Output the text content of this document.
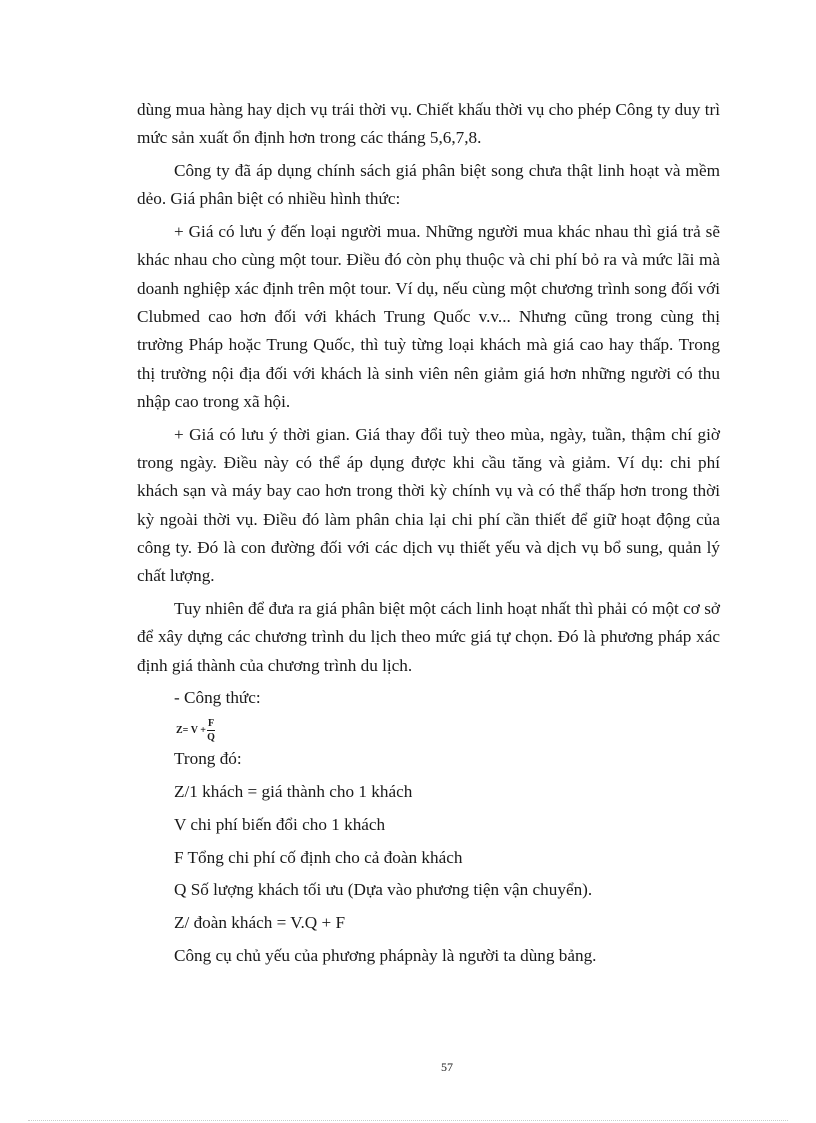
dùng mua hàng hay dịch vụ trái thời vụ. Chiết khấu thời vụ cho phép Công ty duy trì mức sản xuất ổn định hơn trong các tháng 5,6,7,8.

Công ty đã áp dụng chính sách giá phân biệt song chưa thật linh hoạt và mềm dẻo. Giá phân biệt có nhiều hình thức:

+ Giá có lưu ý đến loại người mua. Những người mua khác nhau thì giá trả sẽ khác nhau cho cùng một tour. Điều đó còn phụ thuộc và chi phí bỏ ra và mức lãi mà doanh nghiệp xác định trên một tour. Ví dụ, nếu cùng một chương trình song đối với Clubmed cao hơn đối với khách Trung Quốc v.v... Nhưng cũng trong cùng thị trường Pháp hoặc Trung Quốc, thì tuỳ từng loại khách mà giá cao hay thấp. Trong thị trường nội địa đối với khách là sinh viên nên giảm giá hơn những người có thu nhập cao trong xã hội.

+ Giá có lưu ý thời gian. Giá thay đổi tuỳ theo mùa, ngày, tuần, thậm chí giờ trong ngày. Điều này có thể áp dụng được khi cầu tăng và giảm. Ví dụ: chi phí khách sạn và máy bay cao hơn trong thời kỳ chính vụ và có thể thấp hơn trong thời kỳ ngoài thời vụ. Điều đó làm phân chia lại chi phí cần thiết để giữ hoạt động của công ty. Đó là con đường đối với các dịch vụ thiết yếu và dịch vụ bổ sung, quản lý chất lượng.

Tuy nhiên để đưa ra giá phân biệt một cách linh hoạt nhất thì phải có một cơ sở để xây dựng các chương trình du lịch theo mức giá tự chọn. Đó là phương pháp xác định giá thành của chương trình du lịch.

- Công thức:

$Z= V + \frac{F}{Q}$

Trong đó:

Z/1 khách = giá thành cho 1 khách

V chi phí biến đổi cho 1 khách

F Tổng chi phí cố định cho cả đoàn khách

Q Số lượng khách tối ưu (Dựa vào phương tiện vận chuyển).

Z/ đoàn khách = V.Q + F

Công cụ chủ yếu của phương phápnày là người ta dùng bảng.

57
